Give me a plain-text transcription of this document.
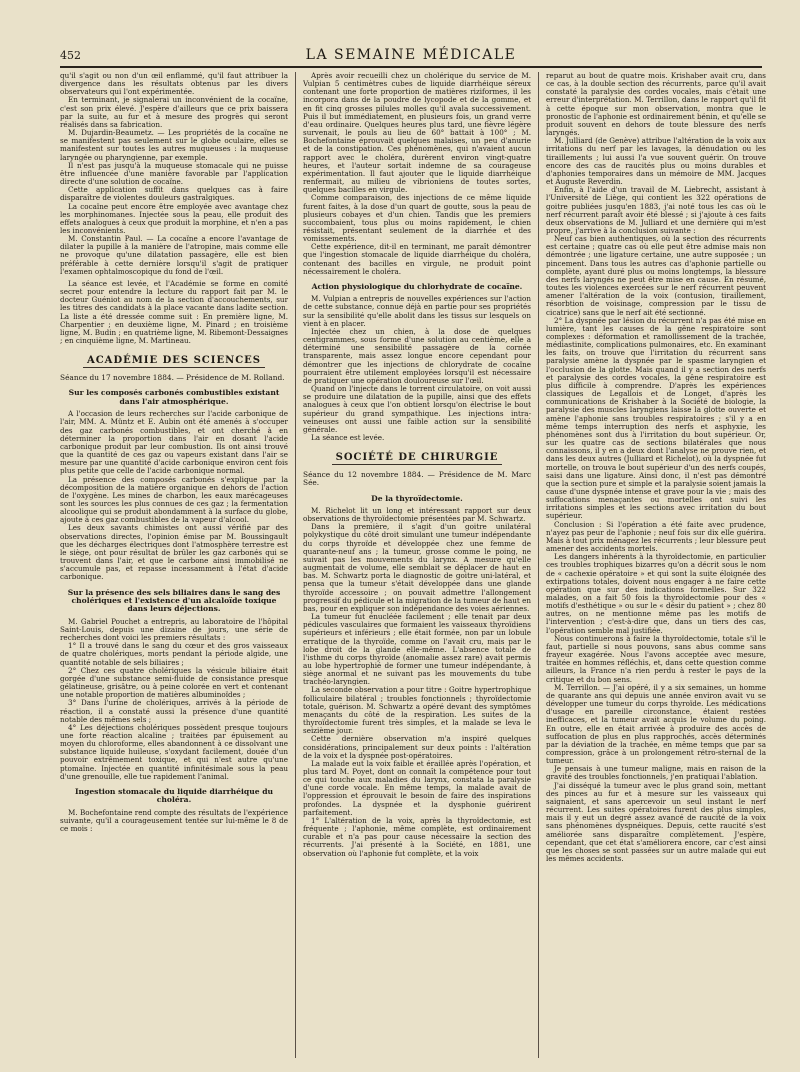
452	LA SEMAINE MÉDICALE

qu'il s'agit ou non d'un œil enflammé, qu'il faut attribuer la divergence dans les résultats obtenus par les divers observateurs qui l'ont expérimentée.

En terminant, je signalerai un inconvénient de la cocaïne, c'est son prix élevé. J'espère d'ailleurs que ce prix baissera par la suite, au fur et à mesure des progrès qui seront réalisés dans sa fabrication.

M. Dujardin-Beaumetz. — Les propriétés de la cocaïne ne se manifestent pas seulement sur le globe oculaire, elles se manifestent sur toutes les autres muqueuses : la muqueuse laryngée ou pharyngienne, par exemple.

Il n'est pas jusqu'à la muqueuse stomacale qui ne puisse être influencée d'une manière favorable par l'application directe d'une solution de cocaïne.

Cette application suffit dans quelques cas à faire disparaître de violentes douleurs gastralgiques.

La cocaïne peut encore être employée avec avantage chez les morphinomanes. Injectée sous la peau, elle produit des effets analogues à ceux que produit la morphine, et n'en a pas les inconvénients.

M. Constantin Paul. — La cocaïne a encore l'avantage de dilater la pupille à la manière de l'atropine, mais comme elle ne provoque qu'une dilatation passagère, elle est bien préférable à cette dernière lorsqu'il s'agit de pratiquer l'examen ophtalmoscopique du fond de l'œil.

La séance est levée, et l'Académie se forme en comité secret pour entendre la lecture du rapport fait par M. le docteur Guéniot au nom de la section d'accouchements, sur les titres des candidats à la place vacante dans ladite section. La liste a été dressée comme suit : En première ligne, M. Charpentier ; en deuxième ligne, M. Pinard ; en troisième ligne, M. Budin ; en quatrième ligne, M. Ribemont-Dessaignes ; en cinquième ligne, M. Martineau.

ACADÉMIE DES SCIENCES

Séance du 17 novembre 1884. — Présidence de M. Rolland.

Sur les composés carbonés combustibles existant dans l'air atmosphérique.

A l'occasion de leurs recherches sur l'acide carbonique de l'air, MM. A. Müntz et E. Aubin ont été amenés à s'occuper des gaz carbonés combustibles, et ont cherché à en déterminer la proportion dans l'air en dosant l'acide carbonique produit par leur combustion. Ils ont ainsi trouvé que la quantité de ces gaz ou vapeurs existant dans l'air se mesure par une quantité d'acide carbonique environ cent fois plus petite que celle de l'acide carbonique normal.

La présence des composés carbonés s'explique par la décomposition de la matière organique en dehors de l'action de l'oxygène. Les mines de charbon, les eaux marécageuses sont les sources les plus connues de ces gaz ; la fermentation alcoolique qui se produit abondamment à la surface du globe, ajoute à ces gaz combustibles de la vapeur d'alcool.

Les deux savants chimistes ont aussi vérifié par des observations directes, l'opinion émise par M. Boussingault que les décharges électriques dont l'atmosphère terrestre est le siège, ont pour résultat de brûler les gaz carbonés qui se trouvent dans l'air, et que le carbone ainsi immobilisé ne s'accumule pas, et repasse incessamment à l'état d'acide carbonique.

Sur la présence des sels biliaires dans le sang des cholériques et l'existence d'un alcaloïde toxique dans leurs déjections.

M. Gabriel Pouchet a entrepris, au laboratoire de l'hôpital Saint-Louis, depuis une dizaine de jours, une série de recherches dont voici les premiers résultats :

1° Il a trouvé dans le sang du cœur et des gros vaisseaux de quatre cholériques, morts pendant la période algide, une quantité notable de sels biliaires ;

2° Chez ces quatre cholériques la vésicule biliaire était gorgée d'une substance semi-fluide de consistance presque gélatineuse, grisâtre, ou à peine colorée en vert et contenant une notable proportion de matières albuminoïdes ;

3° Dans l'urine de cholériques, arrivés à la période de réaction, il a constaté aussi la présence d'une quantité notable des mêmes sels ;

4° Les déjections cholériques possèdent presque toujours une forte réaction alcaline ; traitées par épuisement au moyen du chloroforme, elles abandonnent à ce dissolvant une substance liquide huileuse, s'oxydant facilement, douée d'un pouvoir extrêmement toxique, et qui n'est autre qu'une ptomaïne. Injectée en quantité infinitésimale sous la peau d'une grenouille, elle tue rapidement l'animal.

Ingestion stomacale du liquide diarrhéique du choléra.

M. Bochefontaine rend compte des résultats de l'expérience suivante, qu'il a courageusement tentée sur lui-même le 8 de ce mois :

Après avoir recueilli chez un cholérique du service de M. Vulpian 5 centimètres cubes de liquide diarrhéique séreux contenant une forte proportion de matières riziformes, il les incorpora dans de la poudre de lycopode et de la gomme, et en fit cinq grosses pilules molles qu'il avala successivement. Puis il but immédiatement, en plusieurs fois, un grand verre d'eau ordinaire. Quelques heures plus tard, une fièvre légère survenait, le pouls au lieu de 60° battait à 100° ; M. Bochefontaine éprouvait quelques malaises, un peu d'anurie et de la constipation. Ces phénomènes, qui n'avaient aucun rapport avec le choléra, durèrent environ vingt-quatre heures, et l'auteur sortait indemne de sa courageuse expérimentation. Il faut ajouter que le liquide diarrhéique renfermait, au milieu de vibrioniens de toutes sortes, quelques bacilles en virgule.

Comme comparaison, des injections de ce même liquide furent faites, à la dose d'un quart de goutte, sous la peau de plusieurs cobayes et d'un chien. Tandis que les premiers succombaient, tous plus ou moins rapidement, le chien résistait, présentant seulement de la diarrhée et des vomissements.

Cette expérience, dit-il en terminant, me paraît démontrer que l'ingestion stomacale de liquide diarrhéique du choléra, contenant des bacilles en virgule, ne produit point nécessairement le choléra.

Action physiologique du chlorhydrate de cocaïne.

M. Vulpian a entrepris de nouvelles expériences sur l'action de cette substance, connue déjà en partie pour ses propriétés sur la sensibilité qu'elle abolit dans les tissus sur lesquels on vient à en placer.

Injectée chez un chien, à la dose de quelques centigrammes, sous forme d'une solution au centième, elle a déterminé une sensibilité passagère de la cornée transparente, mais assez longue encore cependant pour démontrer que les injections de chlorydrate de cocaïne pourraient être utilement employées lorsqu'il est nécessaire de pratiquer une opération douloureuse sur l'œil.

Quand on l'injecte dans le torrent circulatoire, on voit aussi se produire une dilatation de la pupille, ainsi que des effets analogues à ceux que l'on obtient lorsqu'on électrise le bout supérieur du grand sympathique. Les injections intra-veineuses ont aussi une faible action sur la sensibilité générale.

La séance est levée.

SOCIÉTÉ DE CHIRURGIE

Séance du 12 novembre 1884. — Présidence de M. Marc Sée.

De la thyroïdectomie.

M. Richelot lit un long et intéressant rapport sur deux observations de thyroïdectomie présentées par M. Schwartz.

Dans la première, il s'agit d'un goitre unilatéral polykystique du côté droit simulant une tumeur indépendante du corps thyroïde et développée chez une femme de quarante-neuf ans ; la tumeur, grosse comme le poing, ne suivait pas les mouvements du larynx. A mesure qu'elle augmentait de volume, elle semblait se déplacer de haut en bas. M. Schwartz porta le diagnostic de goitre uni-latéral, et pensa que la tumeur s'était développée dans une glande thyroïde accessoire ; on pouvait admettre l'allongement progressif du pédicule et la migration de la tumeur de haut en bas, pour en expliquer son indépendance des voies aériennes.

La tumeur fut énucléée facilement ; elle tenait par deux pédicules vasculaires que formaient les vaisseaux thyroïdiens supérieurs et inférieurs ; elle était formée, non par un lobule erratique de la thyroïde, comme on l'avait cru, mais par le lobe droit de la glande elle-même. L'absence totale de l'isthme du corps thyroïde (anomalie assez rare) avait permis au lobe hypertrophié de former une tumeur indépendante, à siège anormal et ne suivant pas les mouvements du tube trachéo-laryngien.

La seconde observation a pour titre : Goitre hypertrophique folliculaire bilatéral ; troubles fonctionnels ; thyroïdectomie totale, guérison. M. Schwartz a opéré devant des symptômes menaçants du côté de la respiration. Les suites de la thyroïdectomie furent très simples, et la malade se leva le seizième jour.

Cette dernière observation m'a inspiré quelques considérations, principalement sur deux points : l'altération de la voix et la dyspnée post-opératoires.

La malade eut la voix faible et éraillée après l'opération, et plus tard M. Poyet, dont on connaît la compétence pour tout ce qui touche aux maladies du larynx, constata la paralysie d'une corde vocale. En même temps, la malade avait de l'oppression et éprouvait le besoin de faire des inspirations profondes. La dyspnée et la dysphonie guérirent parfaitement.

1° L'altération de la voix, après la thyroïdectomie, est fréquente ; l'aphonie, même complète, est ordinairement curable et n'a pas pour cause nécessaire la section des récurrents. J'ai présenté à la Société, en 1881, une observation où l'aphonie fut complète, et la voix

reparut au bout de quatre mois. Krishaber avait cru, dans ce cas, à la double section des récurrents, parce qu'il avait constaté la paralysie des cordes vocales, mais c'était une erreur d'interprétation. M. Terrillon, dans le rapport qu'il fit à cette époque sur mon observation, montra que le pronostic de l'aphonie est ordinairement bénin, et qu'elle se produit souvent en dehors de toute blessure des nerfs laryngés.

M. Julliard (de Genève) attribue l'altération de la voix aux irritations du nerf par les lavages, la dénudation ou les tiraillements ; lui aussi l'a vue souvent guérir. On trouve encore des cas de raucités plus ou moins durables et d'aphonies temporaires dans un mémoire de MM. Jacques et Auguste Reverdin.

Enfin, à l'aide d'un travail de M. Liebrecht, assistant à l'Université de Liège, qui contient les 322 opérations de goitre publiées jusqu'en 1883, j'ai noté tous les cas où le nerf récurrent paraît avoir été blessé ; si j'ajoute à ces faits deux observations de M. Julliard et une dernière qui m'est propre, j'arrive à la conclusion suivante :

Neuf cas bien authentiques, où la section des récurrents est certaine ; quatre cas où elle peut être admise mais non démontrée ; une ligature certaine, une autre supposée ; un pincement. Dans tous les autres cas d'aphonie partielle ou complète, ayant duré plus ou moins longtemps, la blessure des nerfs laryngés ne peut être mise en cause. En résumé, toutes les violences exercées sur le nerf récurrent peuvent amener l'altération de la voix (contusion, tiraillement, résorbtion de voisinage, compression par le tissu de cicatrice) sans que le nerf ait été sectionné.

2° La dyspnée par lésion du récurrent n'a pas été mise en lumière, tant les causes de la gêne respiratoire sont complexes : déformation et ramollissement de la trachée, médiastinite, complications pulmonaires, etc. En examinant les faits, on trouve que l'irritation du récurrent sans paralysie amène la dyspnée par le spasme laryngien et l'occlusion de la glotte. Mais quand il y a section des nerfs et paralysie des cordes vocales, la gêne respiratoire est plus difficile à comprendre. D'après les expériences classiques de Legallois et de Longet, d'après les communications de Krishaber à la Société de biologie, la paralysie des muscles laryngiens laisse la glotte ouverte et amène l'aphonie sans troubles respiratoires ; s'il y a en même temps interruption des nerfs et asphyxie, les phénomènes sont dus à l'irritation du bout supérieur. Or, sur les quatre cas de sections bilatérales que nous connaissons, il y en a deux dont l'analyse ne prouve rien, et dans les deux autres (Julliard et Richelot), où la dyspnée fut mortelle, on trouva le bout supérieur d'un des nerfs coupés, saisi dans une ligature. Ainsi donc, il n'est pas démontré que la section pure et simple et la paralysie soient jamais la cause d'une dyspnée intense et grave pour la vie ; mais des suffocations menaçantes ou mortelles ont suivi les irritations simples et les sections avec irritation du bout supérieur.

Conclusion : Si l'opération a été faite avec prudence, n'ayez pas peur de l'aphonie ; neuf fois sur dix elle guérira. Mais à tout prix ménagez les récurrents ; leur blessure peut amener des accidents mortels.

Les dangers inhérents à la thyroïdectomie, en particulier ces troubles trophiques bizarres qu'on a décrit sous le nom de « cachexie opératoire » et qui sont la suite éloignée des extirpations totales, doivent nous engager à ne faire cette opération que sur des indications formelles. Sur 322 malades, on a fait 50 fois la thyroïdectomie pour des « motifs d'esthétique » ou sur le « désir du patient » ; chez 80 autres, on ne mentionne même pas les motifs de l'intervention ; c'est-à-dire que, dans un tiers des cas, l'opération semble mal justifiée.

Nous continuerons à faire la thyroïdectomie, totale s'il le faut, partielle si nous pouvons, sans abus comme sans frayeur exagérée. Nous l'avons acceptée avec mesure, traitée en hommes réfléchis, et, dans cette question comme ailleurs, la France n'a rien perdu à rester le pays de la critique et du bon sens.

M. Terrillon. — J'ai opéré, il y a six semaines, un homme de quarante ans qui depuis une année environ avait vu se développer une tumeur du corps thyroïde. Les médications d'usage en pareille circonstance, étaient restées inefficaces, et la tumeur avait acquis le volume du poing. En outre, elle en était arrivée à produire des accès de suffocation de plus en plus rapprochés, accès déterminés par la déviation de la trachée, en même temps que par sa compression, grâce à un prolongement rétro-sternal de la tumeur.

Je pensais à une tumeur maligne, mais en raison de la gravité des troubles fonctionnels, j'en pratiquai l'ablation.

J'ai disséqué la tumeur avec le plus grand soin, mettant des pinces au fur et à mesure sur les vaisseaux qui saignaient, et sans apercevoir un seul instant le nerf récurrent. Les suites opératoires furent des plus simples, mais il y eut un degré assez avancé de raucité de la voix sans phénomènes dyspnéiques. Depuis, cette raucité s'est améliorée sans disparaître complètement. J'espère, cependant, que cet état s'améliorera encore, car c'est ainsi que les choses se sont passées sur un autre malade qui eut les mêmes accidents.
